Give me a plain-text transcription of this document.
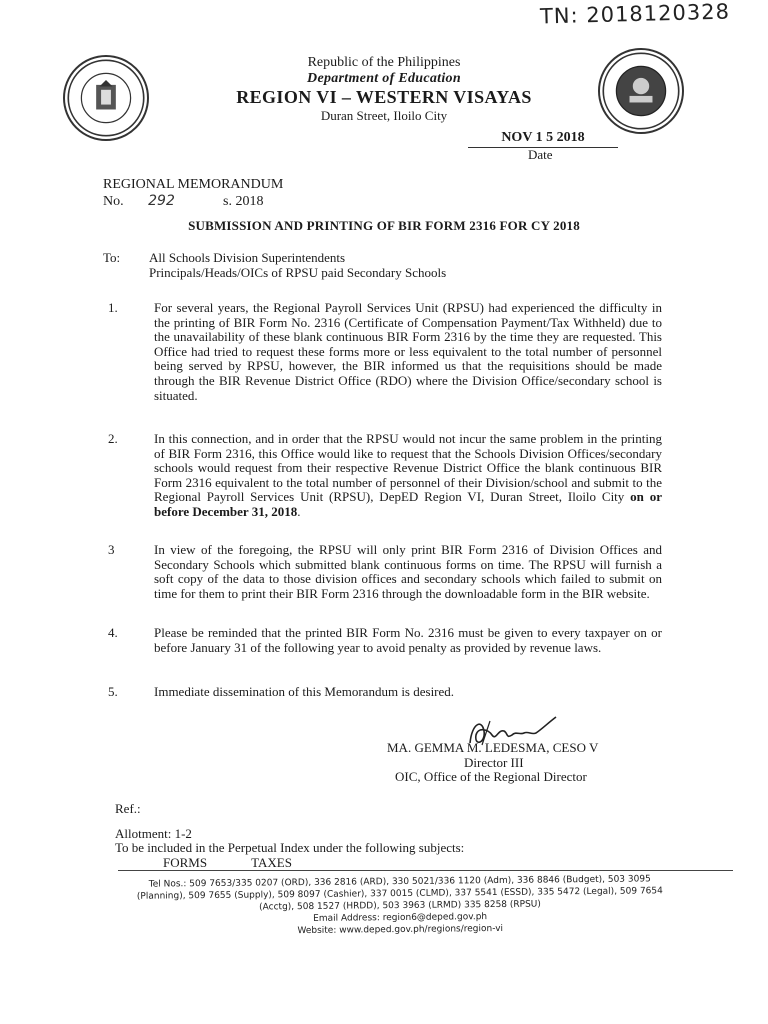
TN: 2018120328
Republic of the Philippines
Department of Education
REGION VI – WESTERN VISAYAS
Duran Street, Iloilo City
NOV 1 5 2018
Date
REGIONAL MEMORANDUM
No. 292	s. 2018
SUBMISSION AND PRINTING OF BIR FORM 2316 FOR CY 2018
To: All Schools Division Superintendents
Principals/Heads/OICs of RPSU paid Secondary Schools
1.	For several years, the Regional Payroll Services Unit (RPSU) had experienced the difficulty in the printing of BIR Form No. 2316 (Certificate of Compensation Payment/Tax Withheld) due to the unavailability of these blank continuous BIR Form 2316 by the time they are requested. This Office had tried to request these forms more or less equivalent to the total number of personnel being served by RPSU, however, the BIR informed us that the requisitions should be made through the BIR Revenue District Office (RDO) where the Division Office/secondary school is situated.
2.	In this connection, and in order that the RPSU would not incur the same problem in the printing of BIR Form 2316, this Office would like to request that the Schools Division Offices/secondary schools would request from their respective Revenue District Office the blank continuous BIR Form 2316 equivalent to the total number of personnel of their Division/school and submit to the Regional Payroll Services Unit (RPSU), DepED Region VI, Duran Street, Iloilo City on or before December 31, 2018.
3	In view of the foregoing, the RPSU will only print BIR Form 2316 of Division Offices and Secondary Schools which submitted blank continuous forms on time. The RPSU will furnish a soft copy of the data to those division offices and secondary schools which failed to submit on time for them to print their BIR Form 2316 through the downloadable form in the BIR website.
4.	Please be reminded that the printed BIR Form No. 2316 must be given to every taxpayer on or before January 31 of the following year to avoid penalty as provided by revenue laws.
5.	Immediate dissemination of this Memorandum is desired.
MA. GEMMA M. LEDESMA, CESO V
Director III
OIC, Office of the Regional Director
Ref.:
Allotment: 1-2
To be included in the Perpetual Index under the following subjects:
FORMS	TAXES
Tel Nos.: 509 7653/335 0207 (ORD), 336 2816 (ARD), 330 5021/336 1120 (Adm), 336 8846 (Budget), 503 3095
(Planning), 509 7655 (Supply), 509 8097 (Cashier), 337 0015 (CLMD), 337 5541 (ESSD), 335 5472 (Legal), 509 7654
(Acctg), 508 1527 (HRDD), 503 3963 (LRMD) 335 8258 (RPSU)
Email Address: region6@deped.gov.ph
Website: www.deped.gov.ph/regions/region-vi
